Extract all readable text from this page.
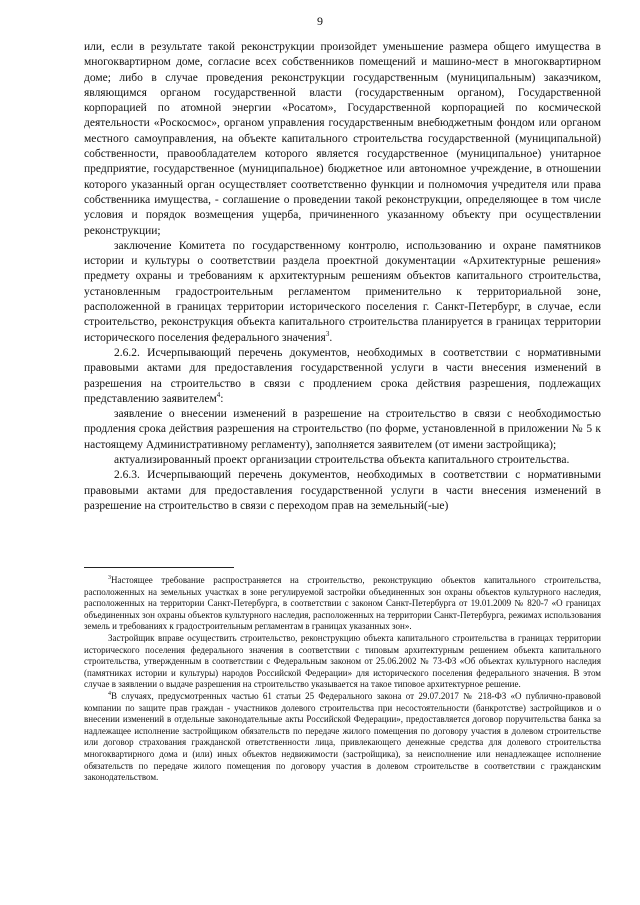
9

или, если в результате такой реконструкции произойдет уменьшение размера общего имущества в многоквартирном доме, согласие всех собственников помещений и машино-мест в многоквартирном доме; либо в случае проведения реконструкции государственным (муниципальным) заказчиком, являющимся органом государственной власти (государственным органом), Государственной корпорацией по атомной энергии «Росатом», Государственной корпорацией по космической деятельности «Роскосмос», органом управления государственным внебюджетным фондом или органом местного самоуправления, на объекте капитального строительства государственной (муниципальной) собственности, правообладателем которого является государственное (муниципальное) унитарное предприятие, государственное (муниципальное) бюджетное или автономное учреждение, в отношении которого указанный орган осуществляет соответственно функции и полномочия учредителя или права собственника имущества, - соглашение о проведении такой реконструкции, определяющее в том числе условия и порядок возмещения ущерба, причиненного указанному объекту при осуществлении реконструкции;

заключение Комитета по государственному контролю, использованию и охране памятников истории и культуры о соответствии раздела проектной документации «Архитектурные решения» предмету охраны и требованиям к архитектурным решениям объектов капитального строительства, установленным градостроительным регламентом применительно к территориальной зоне, расположенной в границах территории исторического поселения г. Санкт-Петербург, в случае, если строительство, реконструкция объекта капитального строительства планируется в границах территории исторического поселения федерального значения$^3$.

2.6.2. Исчерпывающий перечень документов, необходимых в соответствии с нормативными правовыми актами для предоставления государственной услуги в части внесения изменений в разрешения на строительство в связи с продлением срока действия разрешения, подлежащих представлению заявителем$^4$:

заявление о внесении изменений в разрешение на строительство в связи с необходимостью продления срока действия разрешения на строительство (по форме, установленной в приложении № 5 к настоящему Административному регламенту), заполняется заявителем (от имени застройщика);

актуализированный проект организации строительства объекта капитального строительства.

2.6.3. Исчерпывающий перечень документов, необходимых в соответствии с нормативными правовыми актами для предоставления государственной услуги в части внесения изменений в разрешение на строительство в связи с переходом прав на земельный(-ые)

$^3$Настоящее требование распространяется на строительство, реконструкцию объектов капитального строительства, расположенных на земельных участках в зоне регулируемой застройки объединенных зон охраны объектов культурного наследия, расположенных на территории Санкт-Петербурга, в соответствии с законом Санкт-Петербурга от 19.01.2009 № 820-7 «О границах объединенных зон охраны объектов культурного наследия, расположенных на территории Санкт-Петербурга, режимах использования земель и требованиях к градостроительным регламентам в границах указанных зон».

Застройщик вправе осуществить строительство, реконструкцию объекта капитального строительства в границах территории исторического поселения федерального значения в соответствии с типовым архитектурным решением объекта капитального строительства, утвержденным в соответствии с Федеральным законом от 25.06.2002 № 73-ФЗ «Об объектах культурного наследия (памятниках истории и культуры) народов Российской Федерации» для исторического поселения федерального значения. В этом случае в заявлении о выдаче разрешения на строительство указывается на такое типовое архитектурное решение.

$^4$В случаях, предусмотренных частью 61 статьи 25 Федерального закона от 29.07.2017 № 218-ФЗ «О публично-правовой компании по защите прав граждан - участников долевого строительства при несостоятельности (банкротстве) застройщиков и о внесении изменений в отдельные законодательные акты Российской Федерации», предоставляется договор поручительства банка за надлежащее исполнение застройщиком обязательств по передаче жилого помещения по договору участия в долевом строительстве или договор страхования гражданской ответственности лица, привлекающего денежные средства для долевого строительства многоквартирного дома и (или) иных объектов недвижимости (застройщика), за неисполнение или ненадлежащее исполнение обязательств по передаче жилого помещения по договору участия в долевом строительстве в соответствии с гражданским законодательством.
